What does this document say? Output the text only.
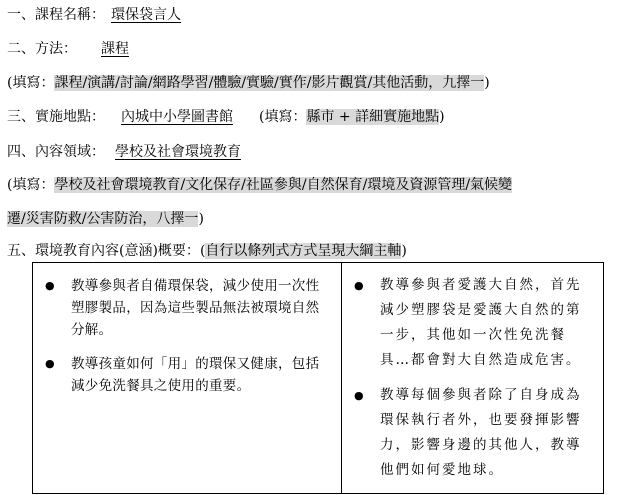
一、課程名稱： 環保袋言人
二、方法： 課程
(填寫：課程/演講/討論/網路學習/體驗/實驗/實作/影片觀賞/其他活動，九擇一)
三、實施地點： 內城中小學圖書館 (填寫：縣市 + 詳細實施地點)
四、內容領域： 學校及社會環境教育
(填寫：學校及社會環境教育/文化保存/社區參與/自然保育/環境及資源管理/氣候變
遷/災害防救/公害防治，八擇一)
五、環境教育內容(意涵)概要：(自行以條列式方式呈現大綱主軸)
● 教導參與者自備環保袋，減少使用一次性塑膠製品，因為這些製品無法被環境自然分解。
● 教導孩童如何「用」的環保又健康，包括減少免洗餐具之使用的重要。

● 教導參與者愛護大自然，首先減少塑膠袋是愛護大自然的第一步，其他如一次性免洗餐具…都會對大自然造成危害。
● 教導每個參與者除了自身成為環保執行者外，也要發揮影響力，影響身邊的其他人，教導他們如何愛地球。
